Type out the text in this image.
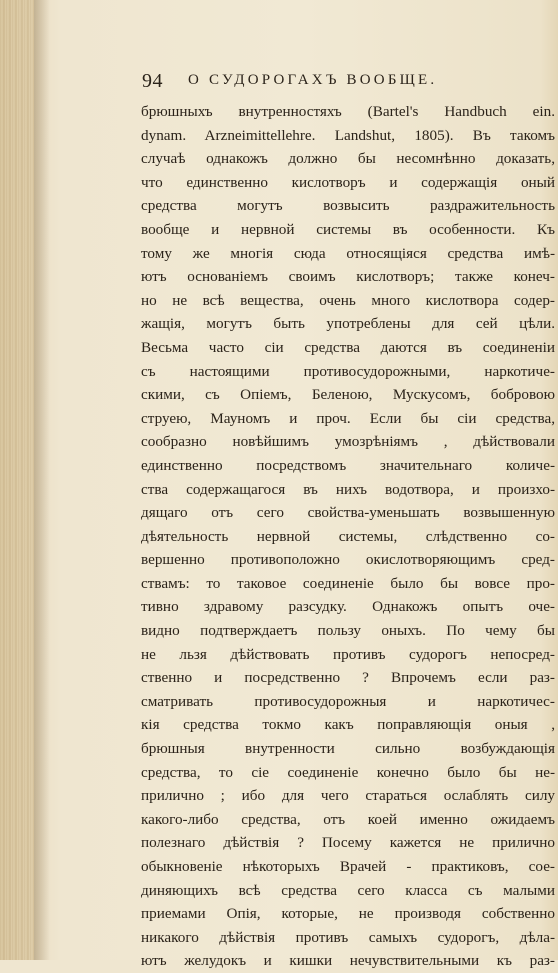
94 О СУДОРОГАХЪ ВООБЩЕ.
брюшныхъ внутренностяхъ (Bartel's Handbuch ein.
dynam. Arzneimittellehre. Landshut, 1805). Въ такомъ
случаѣ однакожъ должно бы несомнѣнно доказать,
что единственно кислотворъ и содержащія оный
средства могутъ возвысить раздражительность
вообще и нервной системы въ особенности. Къ
тому же многія сюда относящіяся средства имѣ-
ютъ основаніемъ своимъ кислотворъ; также конеч-
но не всѣ вещества, очень много кислотвора содер-
жащія, могутъ быть употреблены для сей цѣли.
Весьма часто сіи средства даются въ соединеніи
съ настоящими противосудорожными, наркотиче-
скими, съ Опіемъ, Беленою, Мускусомъ, бобровою
струею, Мауномъ и проч. Если бы сіи средства,
сообразно новѣйшимъ умозрѣніямъ , дѣйствовали
единственно посредствомъ значительнаго количе-
ства содержащагося въ нихъ водотвора, и произхо-
дящаго отъ сего свойства-уменьшать возвышенную
дѣятельность нервной системы, слѣдственно со-
вершенно противоположно окислотворяющимъ сред-
ствамъ: то таковое соединеніе было бы вовсе про-
тивно здравому разсудку. Однакожъ опытъ оче-
видно подтверждаетъ пользу оныхъ. По чему бы
не льзя дѣйствовать противъ судорогъ непосред-
ственно и посредственно ? Впрочемъ если раз-
сматривать противосудорожныя и наркотичес-
кія средства токмо какъ поправляющія оныя ,
брюшныя внутренности сильно возбуждающія
средства, то сіе соединеніе конечно было бы не-
прилично ; ибо для чего стараться ослаблять силу
какого-либо средства, отъ коей именно ожидаемъ
полезнаго дѣйствія ? Посему кажется не прилично
обыкновеніе нѣкоторыхъ Врачей - практиковъ, сое-
диняющихъ всѣ средства сего класса съ малыми
приемами Опія, которые, не производя собственно
никакого дѣйствія противъ самыхъ судорогъ, дѣла-
ютъ желудокъ и кишки нечувствительными къ раз-
